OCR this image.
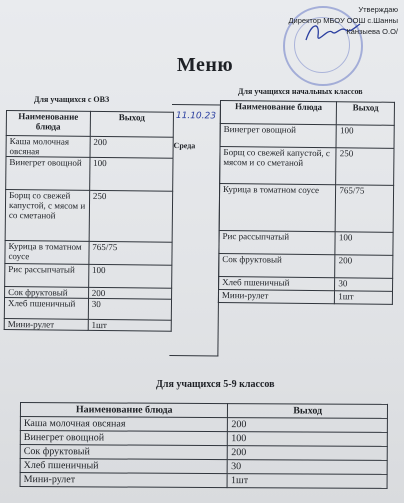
Утверждаю
Директор МБОУ ООШ с.Шанны
Канзыева О.О/
Меню
Для учащихся с ОВЗ
Для учащихся начальных классов
Наименование блюда	Выход
Каша молочная овсяная	200
Винегрет овощной	100
Борщ со свежей капустой, с мясом и со сметаной	250
Курица в томатном соусе	765/75
Рис рассыпчатый	100
Сок фруктовый	200
Хлеб пшеничный	30
Мини-рулет	1шт
11.10.23
Среда
Наименование блюда	Выход
Винегрет овощной	100
Борщ со свежей капустой, с мясом и со сметаной	250
Курица в томатном соусе	765/75
Рис рассыпчатый	100
Сок фруктовый	200
Хлеб пшеничный	30
Мини-рулет	1шт
Для учащихся 5-9 классов
Наименование блюда	Выход
Каша молочная овсяная	200
Винегрет овощной	100
Сок фруктовый	200
Хлеб пшеничный	30
Мини-рулет	1шт
